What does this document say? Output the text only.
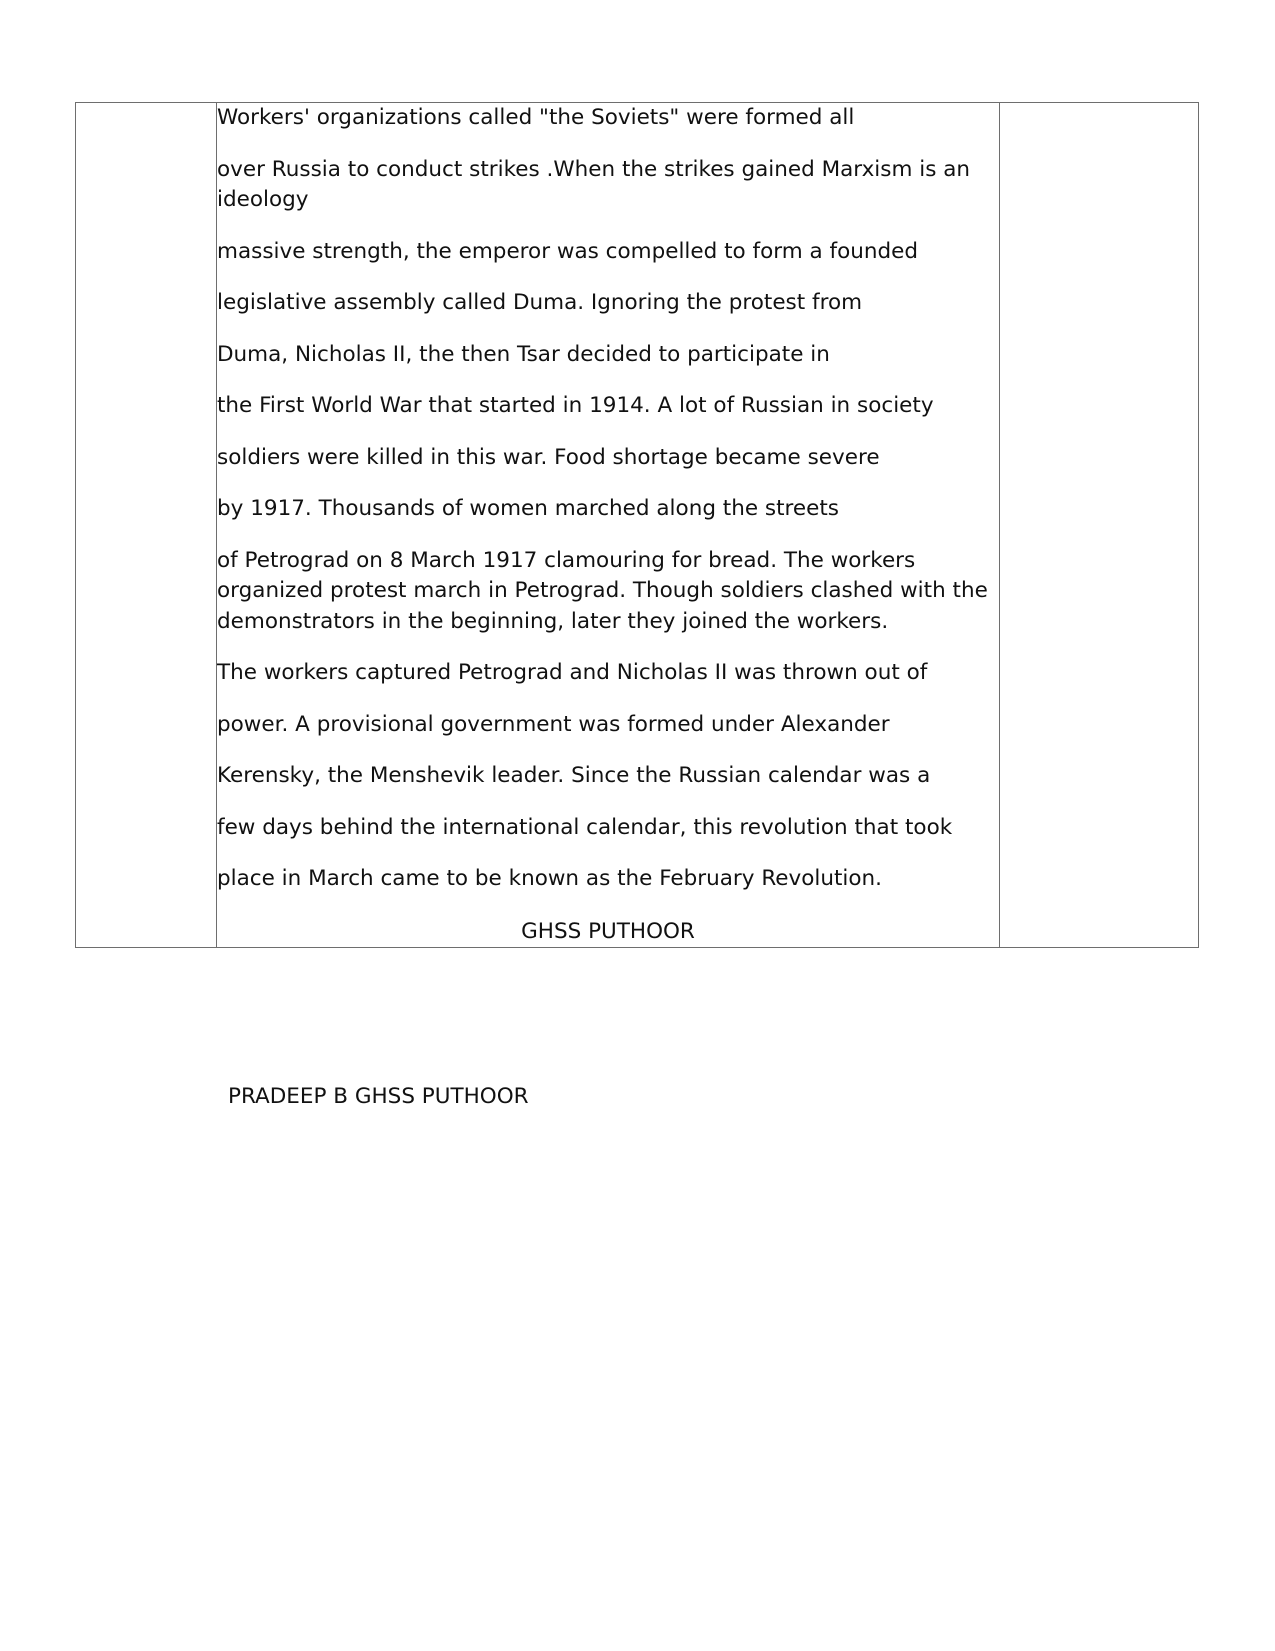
Workers' organizations called "the Soviets" were formed all

over Russia to conduct strikes .When the strikes gained Marxism is an ideology

massive strength, the emperor was compelled to form a founded

legislative assembly called Duma. Ignoring the protest from

Duma, Nicholas II, the then Tsar decided to participate in

the First World War that started in 1914. A lot of Russian in society

soldiers were killed in this war. Food shortage became severe

by 1917. Thousands of women marched along the streets

of Petrograd on 8 March 1917 clamouring for bread. The workers organized protest march in Petrograd. Though soldiers clashed with the demonstrators in the beginning, later they joined the workers.

The workers captured Petrograd and Nicholas II was thrown out of

power. A provisional government was formed under Alexander

Kerensky, the Menshevik leader. Since the Russian calendar was a

few days behind the international calendar, this revolution that took

place in March came to be known as the February Revolution.

GHSS PUTHOOR

PRADEEP B GHSS PUTHOOR
